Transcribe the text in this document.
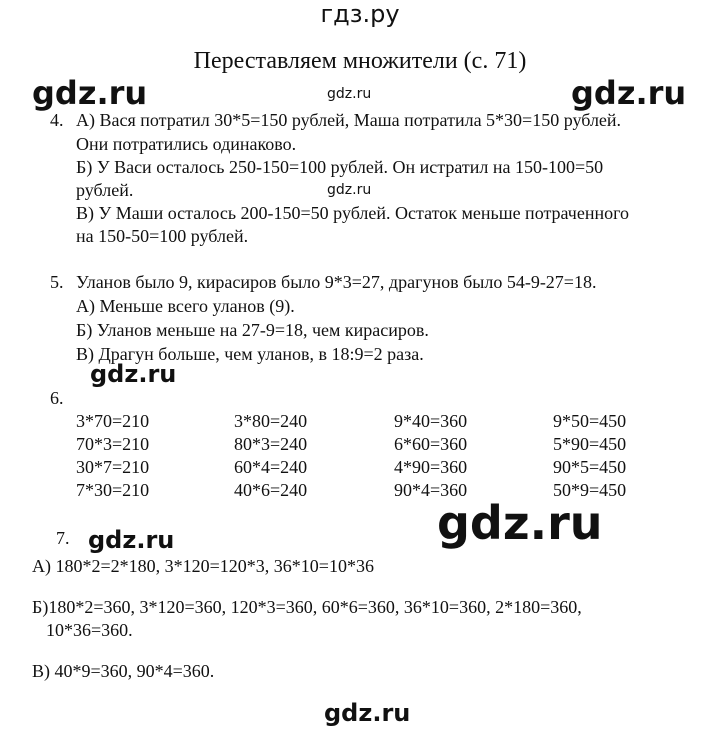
гдз.ру
Переставляем множители (с. 71)
gdz.ru	gdz.ru
gdz.ru
gdz.ru
gdz.ru
gdz.ru
gdz.ru
gdz.ru
4. А) Вася потратил 30*5=150 рублей, Маша потратила 5*30=150 рублей.
Они потратились одинаково.
Б) У Васи осталось 250-150=100 рублей. Он истратил на 150-100=50
рублей.
В) У Маши осталось 200-150=50 рублей. Остаток меньше потраченного
на 150-50=100 рублей.
5. Уланов было 9, кирасиров было 9*3=27, драгунов было 54-9-27=18.
А) Меньше всего уланов (9).
Б) Уланов меньше на 27-9=18, чем кирасиров.
В) Драгун больше, чем уланов, в 18:9=2 раза.
6.
3*70=210
70*3=210
30*7=210
7*30=210
3*80=240
80*3=240
60*4=240
40*6=240
9*40=360
6*60=360
4*90=360
90*4=360
9*50=450
5*90=450
90*5=450
50*9=450
7.
А) 180*2=2*180, 3*120=120*3, 36*10=10*36
Б)180*2=360, 3*120=360, 120*3=360, 60*6=360, 36*10=360, 2*180=360,
10*36=360.
В) 40*9=360, 90*4=360.
